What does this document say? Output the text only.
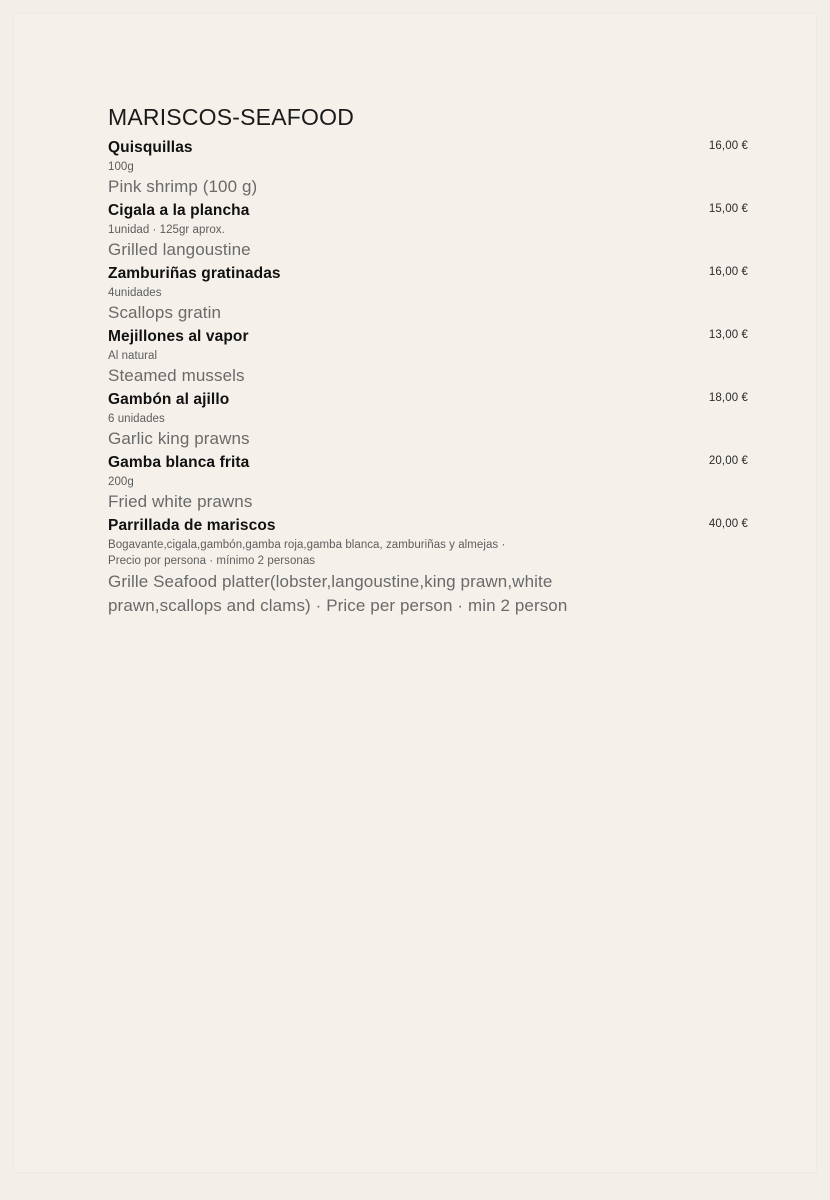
MARISCOS-SEAFOOD
Quisquillas
100g
Pink shrimp (100 g)
16,00 €
Cigala a la plancha
1unidad · 125gr aprox.
Grilled langoustine
15,00 €
Zamburiñas gratinadas
4unidades
Scallops gratin
16,00 €
Mejillones al vapor
Al natural
Steamed mussels
13,00 €
Gambón al ajillo
6 unidades
Garlic king prawns
18,00 €
Gamba blanca frita
200g
Fried white prawns
20,00 €
Parrillada de mariscos
Bogavante,cigala,gambón,gamba roja,gamba blanca, zamburiñas y almejas ·
Precio por persona · mínimo 2 personas
Grille Seafood platter(lobster,langoustine,king prawn,white prawn,scallops and clams) · Price per person · min 2 person
40,00 €
